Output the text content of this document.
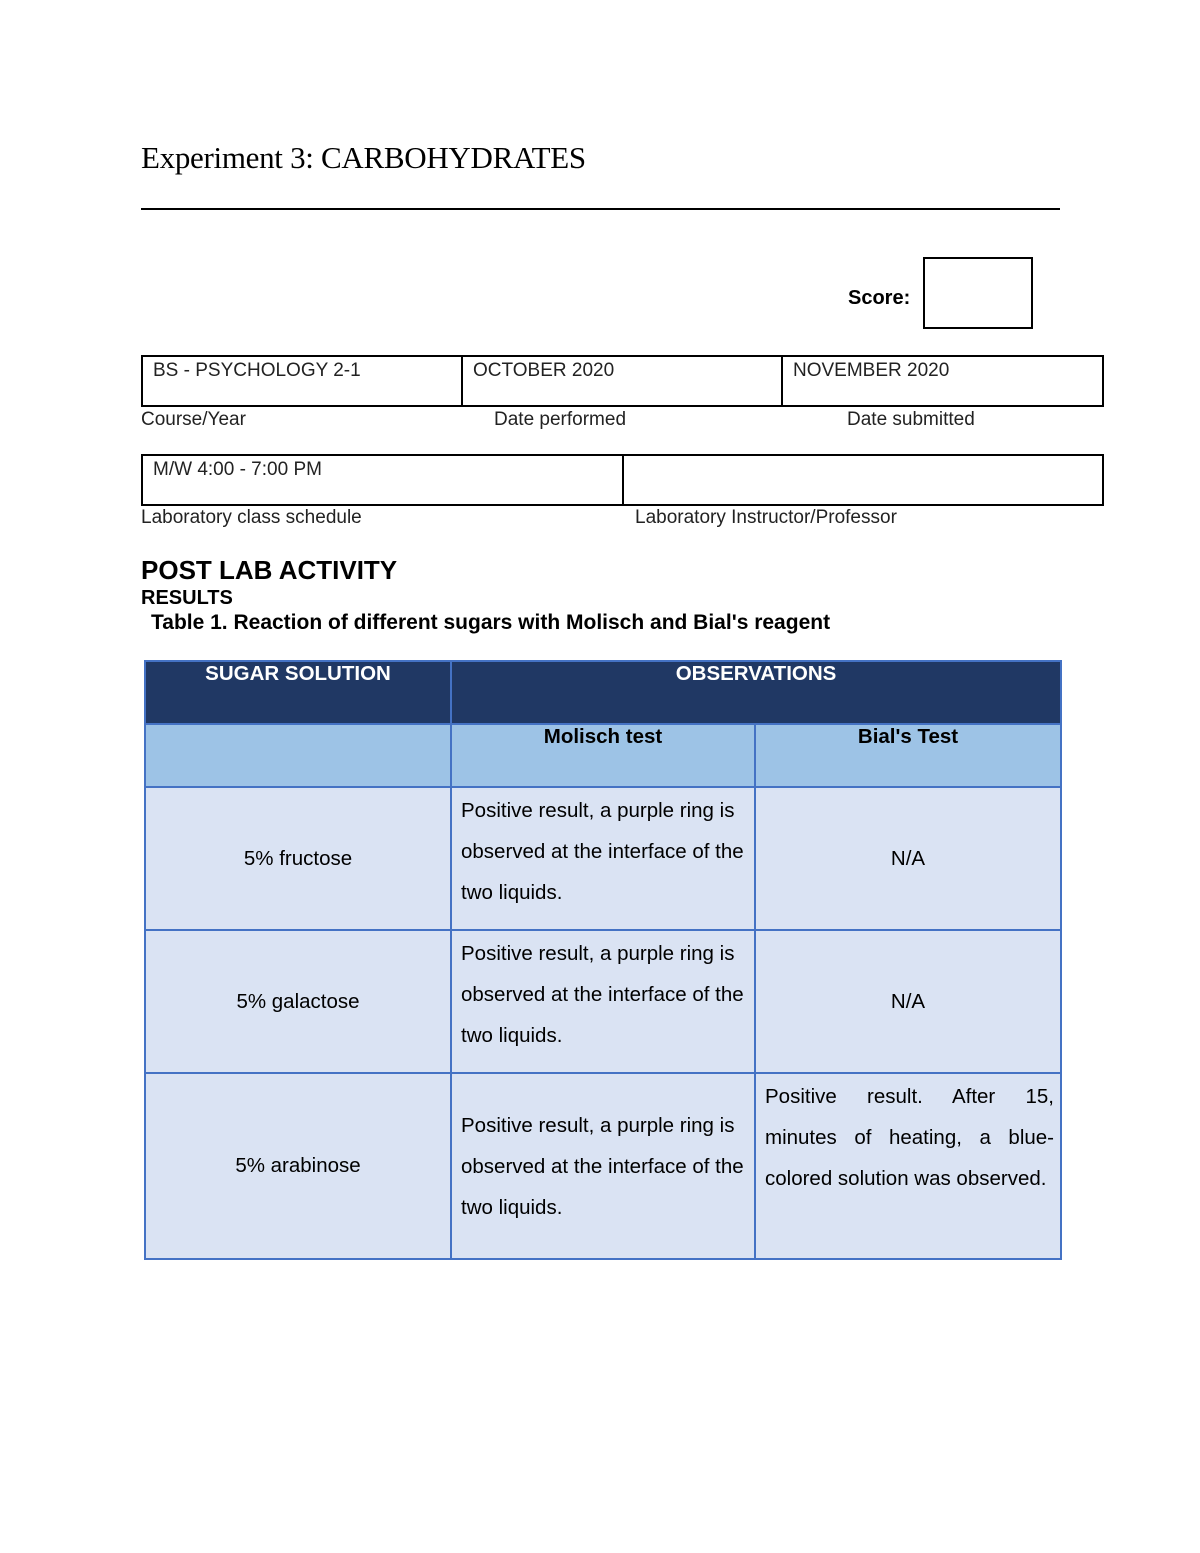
Experiment 3: CARBOHYDRATES
Score:
BS - PSYCHOLOGY 2-1	OCTOBER 2020	NOVEMBER 2020
Course/Year	Date performed	Date submitted
M/W 4:00 - 7:00 PM
Laboratory class schedule	Laboratory Instructor/Professor
POST LAB ACTIVITY
RESULTS
Table 1. Reaction of different sugars with Molisch and Bial's reagent
SUGAR SOLUTION	OBSERVATIONS	
	Molisch test	Bial's Test
5% fructose	Positive result, a purple ring is observed at the interface of the two liquids.	N/A
5% galactose	Positive result, a purple ring is observed at the interface of the two liquids.	N/A
5% arabinose	Positive result, a purple ring is observed at the interface of the two liquids.	Positive result. After 15, minutes of heating, a blue-colored solution was observed.
